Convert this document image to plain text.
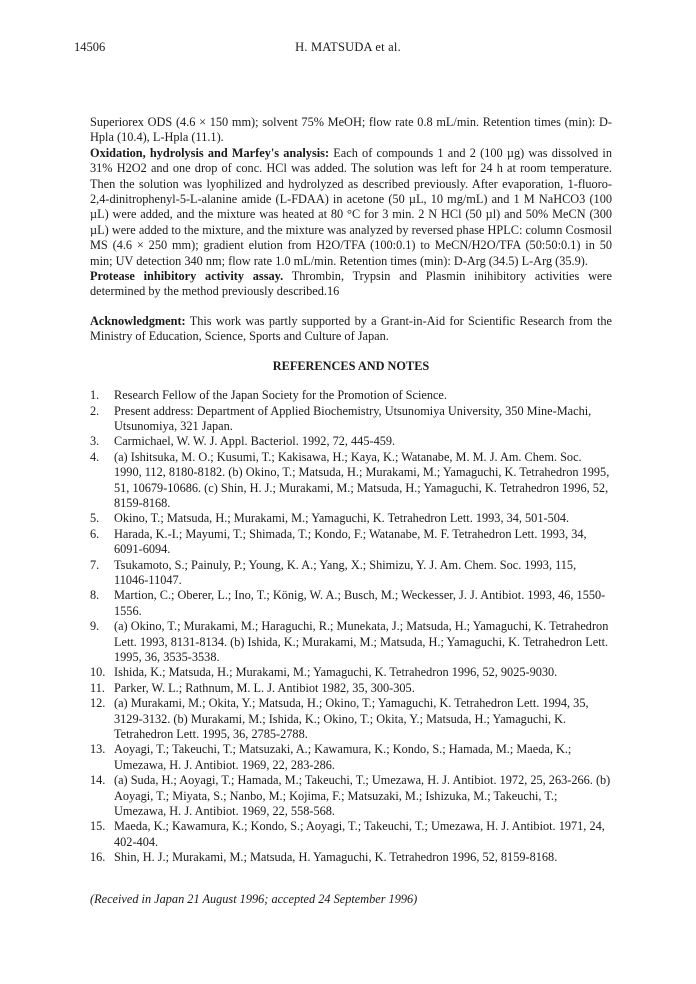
14506	H. MATSUDA et al.

Superiorex ODS (4.6 × 150 mm); solvent 75% MeOH; flow rate 0.8 mL/min. Retention times (min): D-Hpla (10.4), L-Hpla (11.1).

Oxidation, hydrolysis and Marfey's analysis: Each of compounds 1 and 2 (100 µg) was dissolved in 31% H2O2 and one drop of conc. HCl was added. The solution was left for 24 h at room temperature. Then the solution was lyophilized and hydrolyzed as described previously. After evaporation, 1-fluoro-2,4-dinitrophenyl-5-L-alanine amide (L-FDAA) in acetone (50 µL, 10 mg/mL) and 1 M NaHCO3 (100 µL) were added, and the mixture was heated at 80 °C for 3 min. 2 N HCl (50 µl) and 50% MeCN (300 µL) were added to the mixture, and the mixture was analyzed by reversed phase HPLC: column Cosmosil MS (4.6 × 250 mm); gradient elution from H2O/TFA (100:0.1) to MeCN/H2O/TFA (50:50:0.1) in 50 min; UV detection 340 nm; flow rate 1.0 mL/min. Retention times (min): D-Arg (34.5) L-Arg (35.9).

Protease inhibitory activity assay. Thrombin, Trypsin and Plasmin inihibitory activities were determined by the method previously described.16

Acknowledgment: This work was partly supported by a Grant-in-Aid for Scientific Research from the Ministry of Education, Science, Sports and Culture of Japan.

REFERENCES AND NOTES

1.	Research Fellow of the Japan Society for the Promotion of Science.
2.	Present address: Department of Applied Biochemistry, Utsunomiya University, 350 Mine-Machi, Utsunomiya, 321 Japan.
3.	Carmichael, W. W. J. Appl. Bacteriol. 1992, 72, 445-459.
4.	(a) Ishitsuka, M. O.; Kusumi, T.; Kakisawa, H.; Kaya, K.; Watanabe, M. M. J. Am. Chem. Soc. 1990, 112, 8180-8182. (b) Okino, T.; Matsuda, H.; Murakami, M.; Yamaguchi, K. Tetrahedron 1995, 51, 10679-10686. (c) Shin, H. J.; Murakami, M.; Matsuda, H.; Yamaguchi, K. Tetrahedron 1996, 52, 8159-8168.
5.	Okino, T.; Matsuda, H.; Murakami, M.; Yamaguchi, K. Tetrahedron Lett. 1993, 34, 501-504.
6.	Harada, K.-I.; Mayumi, T.; Shimada, T.; Kondo, F.; Watanabe, M. F. Tetrahedron Lett. 1993, 34, 6091-6094.
7.	Tsukamoto, S.; Painuly, P.; Young, K. A.; Yang, X.; Shimizu, Y. J. Am. Chem. Soc. 1993, 115, 11046-11047.
8.	Martion, C.; Oberer, L.; Ino, T.; König, W. A.; Busch, M.; Weckesser, J. J. Antibiot. 1993, 46, 1550-1556.
9.	(a) Okino, T.; Murakami, M.; Haraguchi, R.; Munekata, J.; Matsuda, H.; Yamaguchi, K. Tetrahedron Lett. 1993, 8131-8134. (b) Ishida, K.; Murakami, M.; Matsuda, H.; Yamaguchi, K. Tetrahedron Lett. 1995, 36, 3535-3538.
10. Ishida, K.; Matsuda, H.; Murakami, M.; Yamaguchi, K. Tetrahedron 1996, 52, 9025-9030.
11. Parker, W. L.; Rathnum, M. L. J. Antibiot 1982, 35, 300-305.
12. (a) Murakami, M.; Okita, Y.; Matsuda, H.; Okino, T.; Yamaguchi, K. Tetrahedron Lett. 1994, 35, 3129-3132. (b) Murakami, M.; Ishida, K.; Okino, T.; Okita, Y.; Matsuda, H.; Yamaguchi, K. Tetrahedron Lett. 1995, 36, 2785-2788.
13. Aoyagi, T.; Takeuchi, T.; Matsuzaki, A.; Kawamura, K.; Kondo, S.; Hamada, M.; Maeda, K.; Umezawa, H. J. Antibiot. 1969, 22, 283-286.
14. (a) Suda, H.; Aoyagi, T.; Hamada, M.; Takeuchi, T.; Umezawa, H. J. Antibiot. 1972, 25, 263-266. (b) Aoyagi, T.; Miyata, S.; Nanbo, M.; Kojima, F.; Matsuzaki, M.; Ishizuka, M.; Takeuchi, T.; Umezawa, H. J. Antibiot. 1969, 22, 558-568.
15. Maeda, K.; Kawamura, K.; Kondo, S.; Aoyagi, T.; Takeuchi, T.; Umezawa, H. J. Antibiot. 1971, 24, 402-404.
16. Shin, H. J.; Murakami, M.; Matsuda, H. Yamaguchi, K. Tetrahedron 1996, 52, 8159-8168.

(Received in Japan 21 August 1996; accepted 24 September 1996)
